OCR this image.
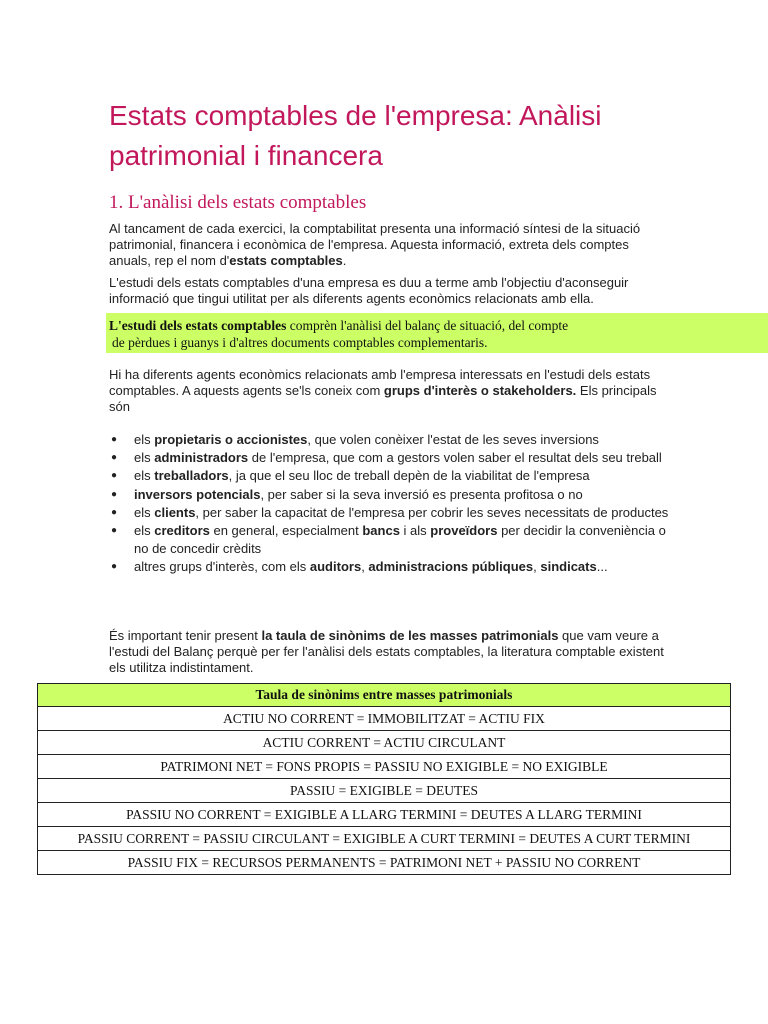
Estats comptables de l'empresa: Anàlisi patrimonial i financera
1. L'anàlisi dels estats comptables

Al tancament de cada exercici, la comptabilitat presenta una informació síntesi de la situació patrimonial, financera i econòmica de l'empresa. Aquesta informació, extreta dels comptes anuals, rep el nom d'estats comptables.

L'estudi dels estats comptables d'una empresa es duu a terme amb l'objectiu d'aconseguir informació que tingui utilitat per als diferents agents econòmics relacionats amb ella.

L'estudi dels estats comptables comprèn l'anàlisi del balanç de situació, del compte
de pèrdues i guanys i d'altres documents comptables complementaris.

Hi ha diferents agents econòmics relacionats amb l'empresa interessats en l'estudi dels estats comptables. A aquests agents se'ls coneix com grups d'interès o stakeholders. Els principals són

● els propietaris o accionistes, que volen conèixer l'estat de les seves inversions
● els administradors de l'empresa, que com a gestors volen saber el resultat dels seu treball
● els treballadors, ja que el seu lloc de treball depèn de la viabilitat de l'empresa
● inversors potencials, per saber si la seva inversió es presenta profitosa o no
● els clients, per saber la capacitat de l'empresa per cobrir les seves necessitats de productes
● els creditors en general, especialment bancs i als proveïdors per decidir la conveniència o no de concedir crèdits
● altres grups d'interès, com els auditors, administracions públiques, sindicats...

És important tenir present la taula de sinònims de les masses patrimonials que vam veure a l'estudi del Balanç perquè per fer l'anàlisi dels estats comptables, la literatura comptable existent els utilitza indistintament.

Taula de sinònims entre masses patrimonials
ACTIU NO CORRENT = IMMOBILITZAT = ACTIU FIX
ACTIU CORRENT = ACTIU CIRCULANT
PATRIMONI NET = FONS PROPIS = PASSIU NO EXIGIBLE = NO EXIGIBLE
PASSIU = EXIGIBLE = DEUTES
PASSIU NO CORRENT = EXIGIBLE A LLARG TERMINI = DEUTES A LLARG TERMINI
PASSIU CORRENT = PASSIU CIRCULANT = EXIGIBLE A CURT TERMINI = DEUTES A CURT TERMINI
PASSIU FIX = RECURSOS PERMANENTS = PATRIMONI NET + PASSIU NO CORRENT
